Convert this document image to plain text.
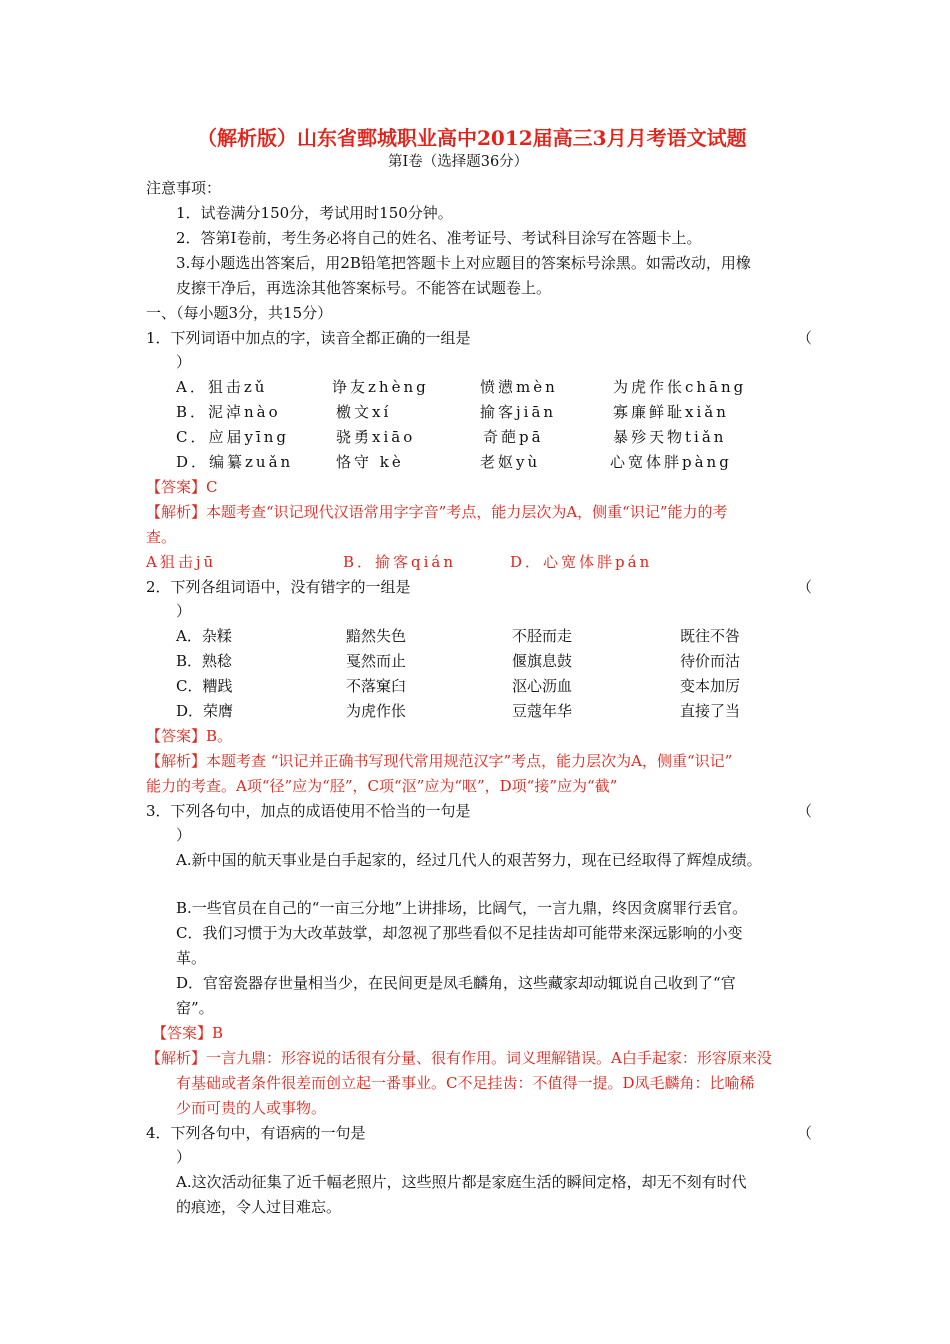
（解析版）山东省鄄城职业高中2012届高三3月月考语文试题
第Ⅰ卷（选择题36分）
注意事项：
1．试卷满分150分，考试用时150分钟。
2．答第Ⅰ卷前，考生务必将自己的姓名、准考证号、考试科目涂写在答题卡上。
3.每小题选出答案后，用2B铅笔把答题卡上对应题目的答案标号涂黑。如需改动，用橡
皮擦干净后，再选涂其他答案标号。不能答在试题卷上。
一、（每小题3分，共15分）
1．下列词语中加点的字，读音全都正确的一组是	（
）
A．狙击zǔ	诤友zhèng	愤懑mèn	为虎作伥chāng
B．泥淖nào	檄文xí	揄客jiān	寡廉鲜耻xiǎn
C．应届yīng	骁勇xiāo	奇葩pā	暴殄天物tiǎn
D．编纂zuǎn	恪守 kè	老妪yù	心宽体胖pàng
【答案】C
【解析】本题考查“识记现代汉语常用字字音”考点，能力层次为A，侧重“识记”能力的考
查。
A狙击jū	B．揄客qián	D．心宽体胖pán
2．下列各组词语中，没有错字的一组是	（
）
A．杂糅	黯然失色	不胫而走	既往不咎
B．熟稔	戛然而止	偃旗息鼓	待价而沽
C．糟践	不落窠臼	沤心沥血	变本加厉
D．荣膺	为虎作伥	豆蔻年华	直接了当
【答案】B。
【解析】本题考查 “识记并正确书写现代常用规范汉字”考点，能力层次为A，侧重“识记”
能力的考查。A项“径”应为“胫”，C项“沤”应为“呕”，D项“接”应为“截”
3．下列各句中，加点的成语使用不恰当的一句是	（
）
A.新中国的航天事业是白手起家的，经过几代人的艰苦努力，现在已经取得了辉煌成绩。
B.一些官员在自己的“一亩三分地”上讲排场，比阔气，一言九鼎，终因贪腐罪行丢官。
C．我们习惯于为大改革鼓掌，却忽视了那些看似不足挂齿却可能带来深远影响的小变
革。
D．官窑瓷器存世量相当少，在民间更是凤毛麟角，这些藏家却动辄说自己收到了“官
窑”。
【答案】B
【解析】一言九鼎：形容说的话很有分量、很有作用。词义理解错误。A白手起家：形容原来没
有基础或者条件很差而创立起一番事业。C不足挂齿：不值得一提。D凤毛麟角：比喻稀
少而可贵的人或事物。
4．下列各句中，有语病的一句是	（
）
A.这次活动征集了近千幅老照片，这些照片都是家庭生活的瞬间定格，却无不刻有时代
的痕迹，令人过目难忘。
